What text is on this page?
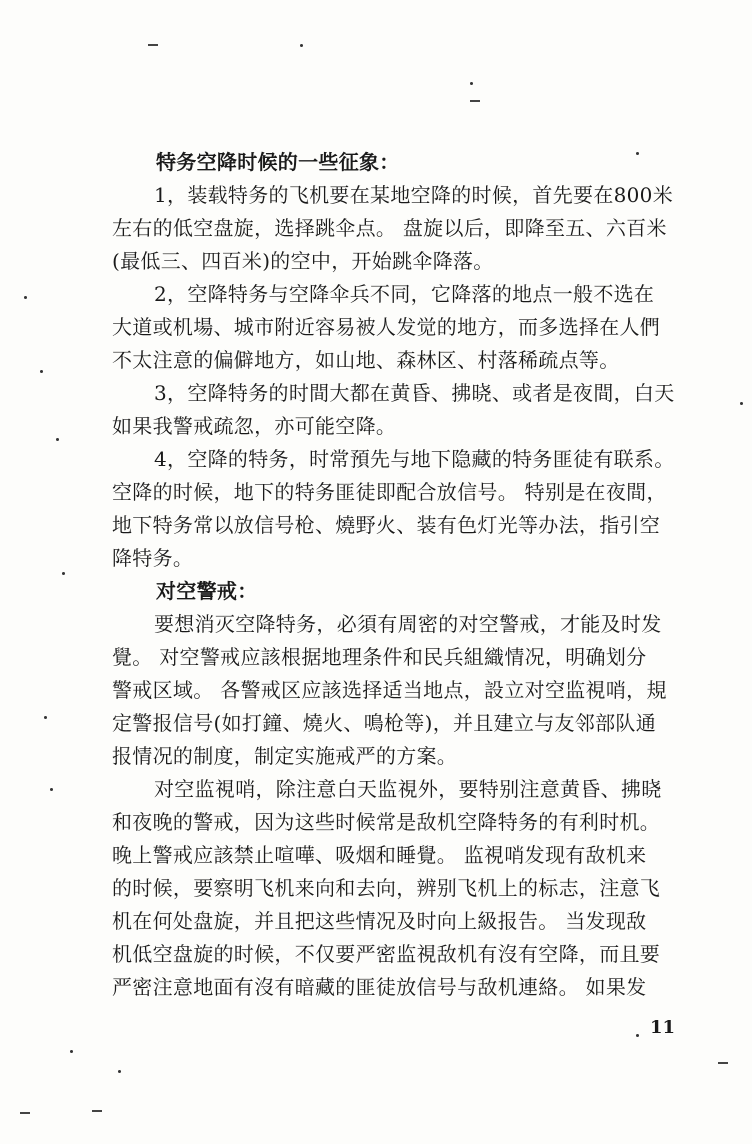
特务空降时候的一些征象：
1，装载特务的飞机要在某地空降的时候，首先要在800米
左右的低空盘旋，选择跳伞点。 盘旋以后，即降至五、六百米
(最低三、四百米)的空中，开始跳伞降落。
2，空降特务与空降伞兵不同，它降落的地点一般不选在
大道或机場、城市附近容易被人发觉的地方，而多选择在人們
不太注意的偏僻地方，如山地、森林区、村落稀疏点等。
3，空降特务的时間大都在黄昏、拂晓、或者是夜間，白天
如果我警戒疏忽，亦可能空降。
4，空降的特务，时常預先与地下隐藏的特务匪徒有联系。
空降的时候，地下的特务匪徒即配合放信号。 特别是在夜間，
地下特务常以放信号枪、燒野火、装有色灯光等办法，指引空
降特务。
对空警戒：
要想消灭空降特务，必須有周密的对空警戒，才能及时发
覺。 对空警戒应該根据地理条件和民兵組織情况，明确划分
警戒区域。 各警戒区应該选择适当地点，設立对空监視哨，規
定警报信号(如打鐘、燒火、鳴枪等)，并且建立与友邻部队通
报情况的制度，制定实施戒严的方案。
对空监視哨，除注意白天监視外，要特别注意黄昏、拂晓
和夜晚的警戒，因为这些时候常是敌机空降特务的有利时机。
晚上警戒应該禁止喧嘩、吸烟和睡覺。 监視哨发现有敌机来
的时候，要察明飞机来向和去向，辨别飞机上的标志，注意飞
机在何处盘旋，并且把这些情况及时向上級报告。 当发现敌
机低空盘旋的时候，不仅要严密监視敌机有沒有空降，而且要
严密注意地面有沒有暗藏的匪徒放信号与敌机連絡。 如果发
11
